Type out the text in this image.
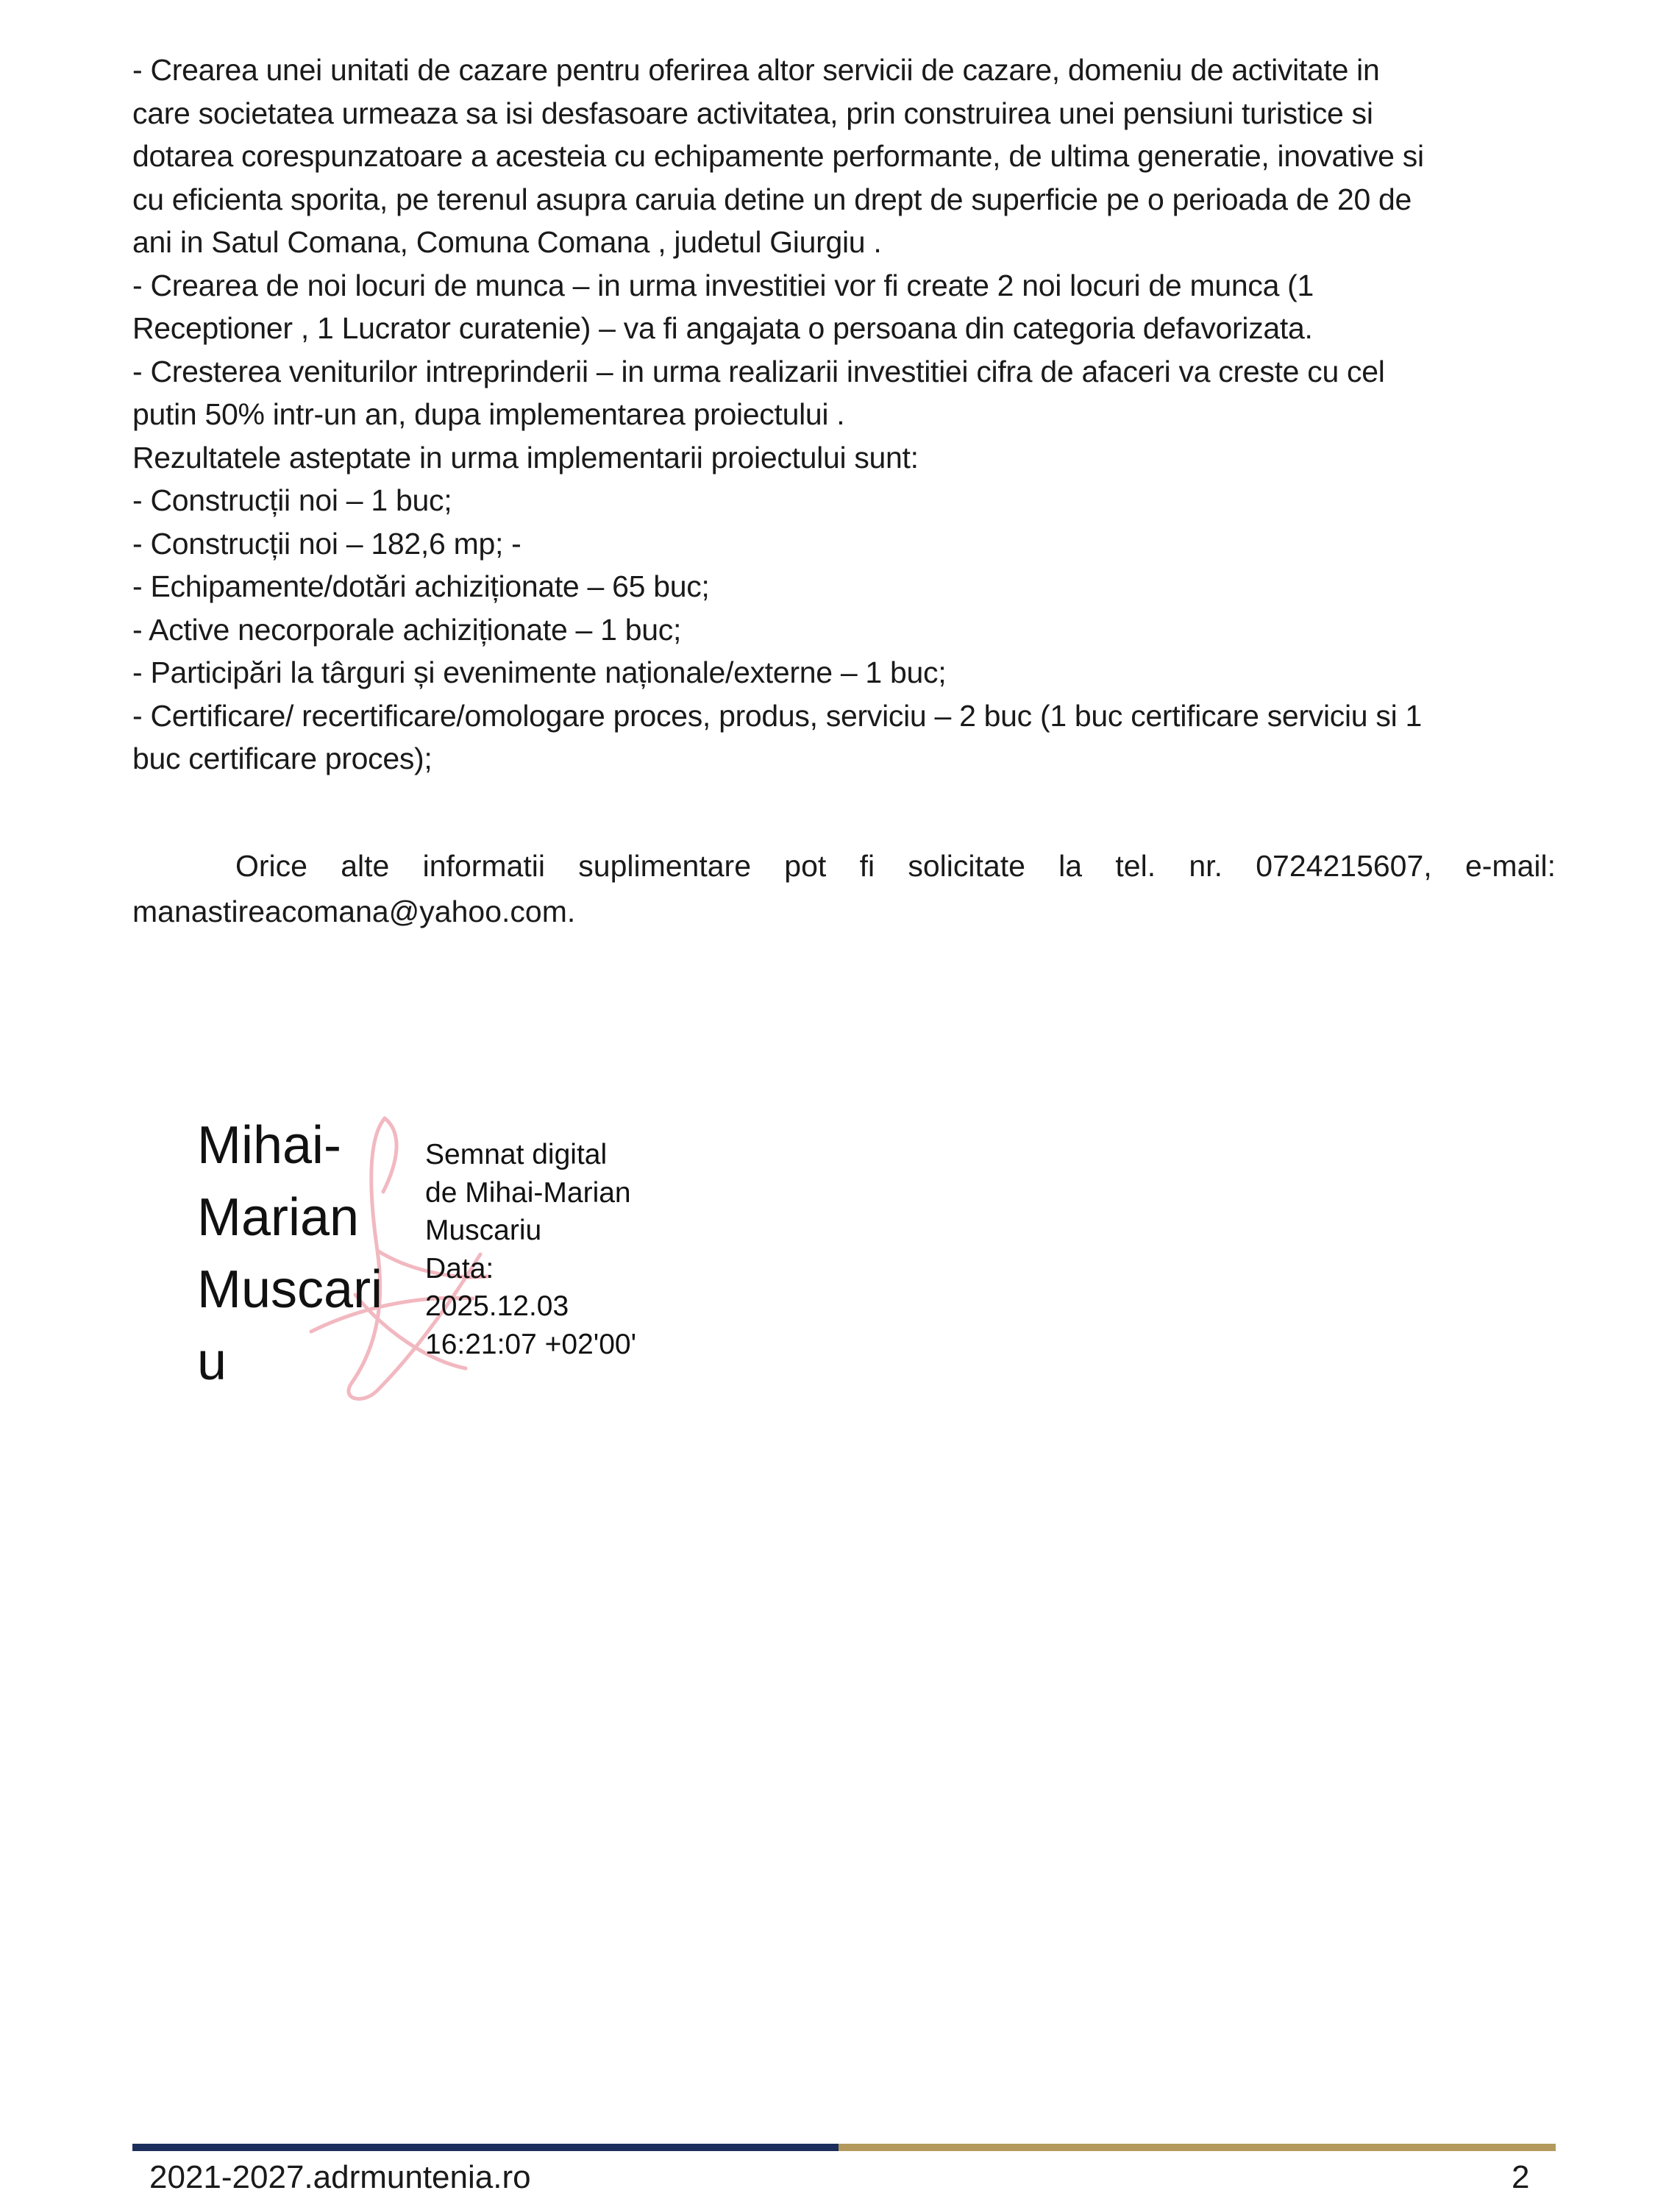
- Crearea unei unitati de cazare pentru oferirea altor servicii de cazare, domeniu de activitate in
care societatea urmeaza sa isi desfasoare activitatea, prin construirea unei pensiuni turistice si
dotarea corespunzatoare a acesteia cu echipamente performante, de ultima generatie, inovative si
cu eficienta sporita, pe terenul asupra caruia detine un drept de superficie pe o perioada de 20 de
ani in Satul Comana, Comuna Comana , judetul Giurgiu .
- Crearea de noi locuri de munca – in urma investitiei vor fi create 2 noi locuri de munca (1
Receptioner , 1 Lucrator curatenie) – va fi angajata o persoana din categoria defavorizata.
- Cresterea veniturilor intreprinderii – in urma realizarii investitiei cifra de afaceri va creste cu cel
putin 50% intr-un an, dupa implementarea proiectului .
Rezultatele asteptate in urma implementarii proiectului sunt:
- Construcții noi – 1 buc;
- Construcții noi – 182,6 mp; -
- Echipamente/dotări achiziționate – 65 buc;
- Active necorporale achiziționate – 1 buc;
- Participări la târguri și evenimente naționale/externe – 1 buc;
- Certificare/ recertificare/omologare proces, produs, serviciu – 2 buc (1 buc certificare serviciu si 1
buc certificare proces);
Orice alte informatii suplimentare pot fi solicitate la tel. nr. 0724215607, e-mail:
manastireacomana@yahoo.com.
Mihai-
Marian
Muscari
u
Semnat digital
de Mihai-Marian
Muscariu
Data:
2025.12.03
16:21:07 +02'00'
2021-2027.adrmuntenia.ro	2
